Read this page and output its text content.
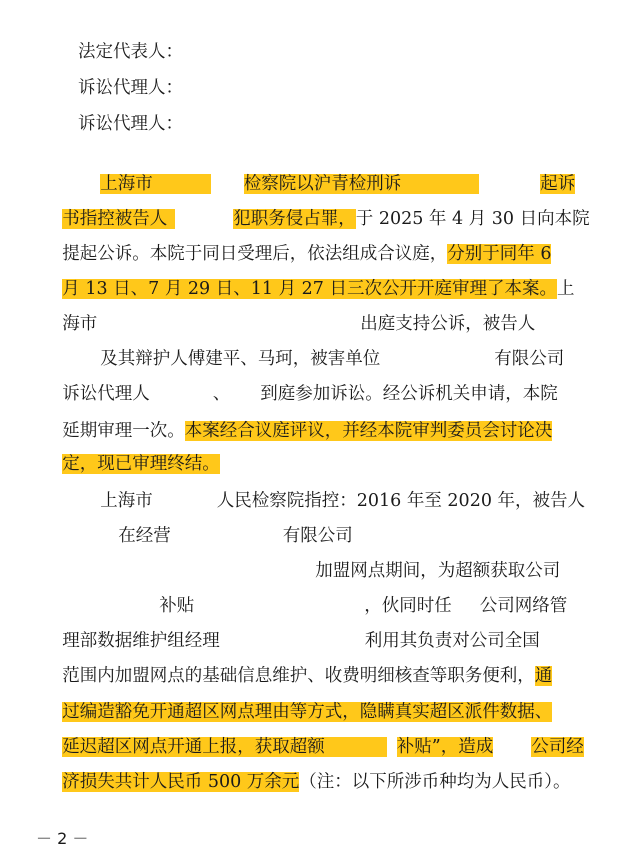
法定代表人：
诉讼代理人：
诉讼代理人：

上海市	检察院以沪青检刑诉	起诉

书指控被告人	犯职务侵占罪，于 2025 年 4 月 30 日向本院

提起公诉。本院于同日受理后，依法组成合议庭，分别于同年 6

月 13 日、7 月 29 日、11 月 27 日三次公开开庭审理了本案。上

海市	出庭支持公诉，被告人

及其辩护人傅建平、马珂，被害单位	有限公司

诉讼代理人	、 到庭参加诉讼。经公诉机关申请，本院

延期审理一次。本案经合议庭评议，并经本院审判委员会讨论决

定，现已审理终结。

上海市	人民检察院指控：2016 年至 2020 年，被告人

在经营	有限公司

加盟网点期间，为超额获取公司

补贴	，伙同时任 公司网络管

理部数据维护组经理	利用其负责对公司全国

范围内加盟网点的基础信息维护、收费明细核查等职务便利，通

过编造豁免开通超区网点理由等方式，隐瞒真实超区派件数据、

延迟超区网点开通上报，获取超额	补贴”，造成 公司经

济损失共计人民币 500 万余元（注：以下所涉币种均为人民币）。

－ 2 －
